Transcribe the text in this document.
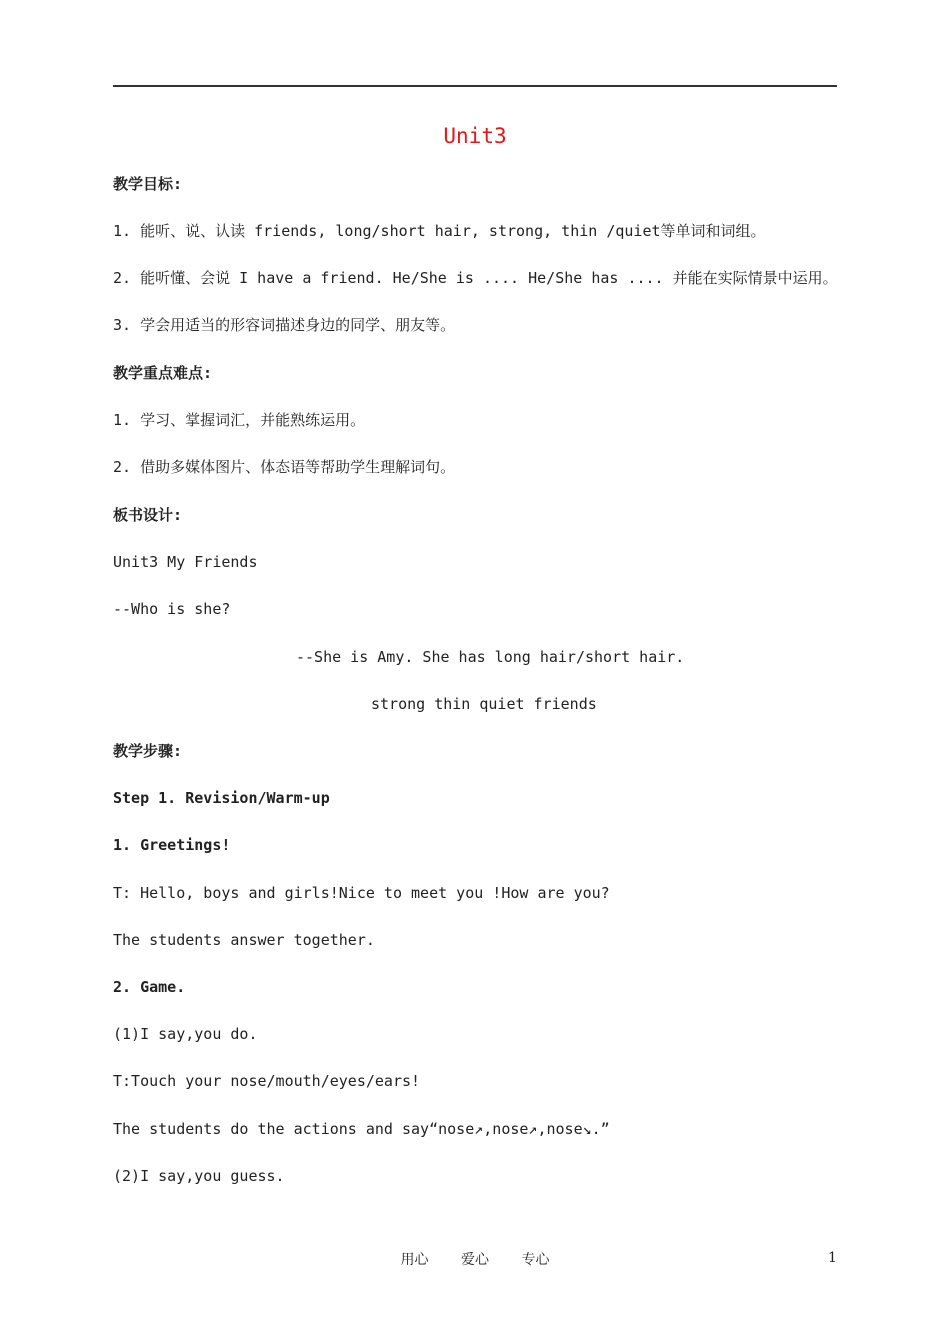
Unit3
教学目标:
1. 能听、说、认读 friends, long/short hair, strong, thin /quiet等单词和词组。
2. 能听懂、会说 I have a friend. He/She is .... He/She has .... 并能在实际情景中运用。
3. 学会用适当的形容词描述身边的同学、朋友等。
教学重点难点:
1. 学习、掌握词汇，并能熟练运用。
2. 借助多媒体图片、体态语等帮助学生理解词句。
板书设计:
Unit3 My Friends
--Who is she?
--She is Amy. She has long hair/short hair.
strong thin quiet friends
教学步骤:
Step 1. Revision/Warm-up
1. Greetings!
T: Hello, boys and girls!Nice to meet you !How are you?
The students answer together.
2. Game.
(1)I say,you do.
T:Touch your nose/mouth/eyes/ears!
The students do the actions and say“nose↗,nose↗,nose↘.”
(2)I say,you guess.
用心 爱心 专心	1
